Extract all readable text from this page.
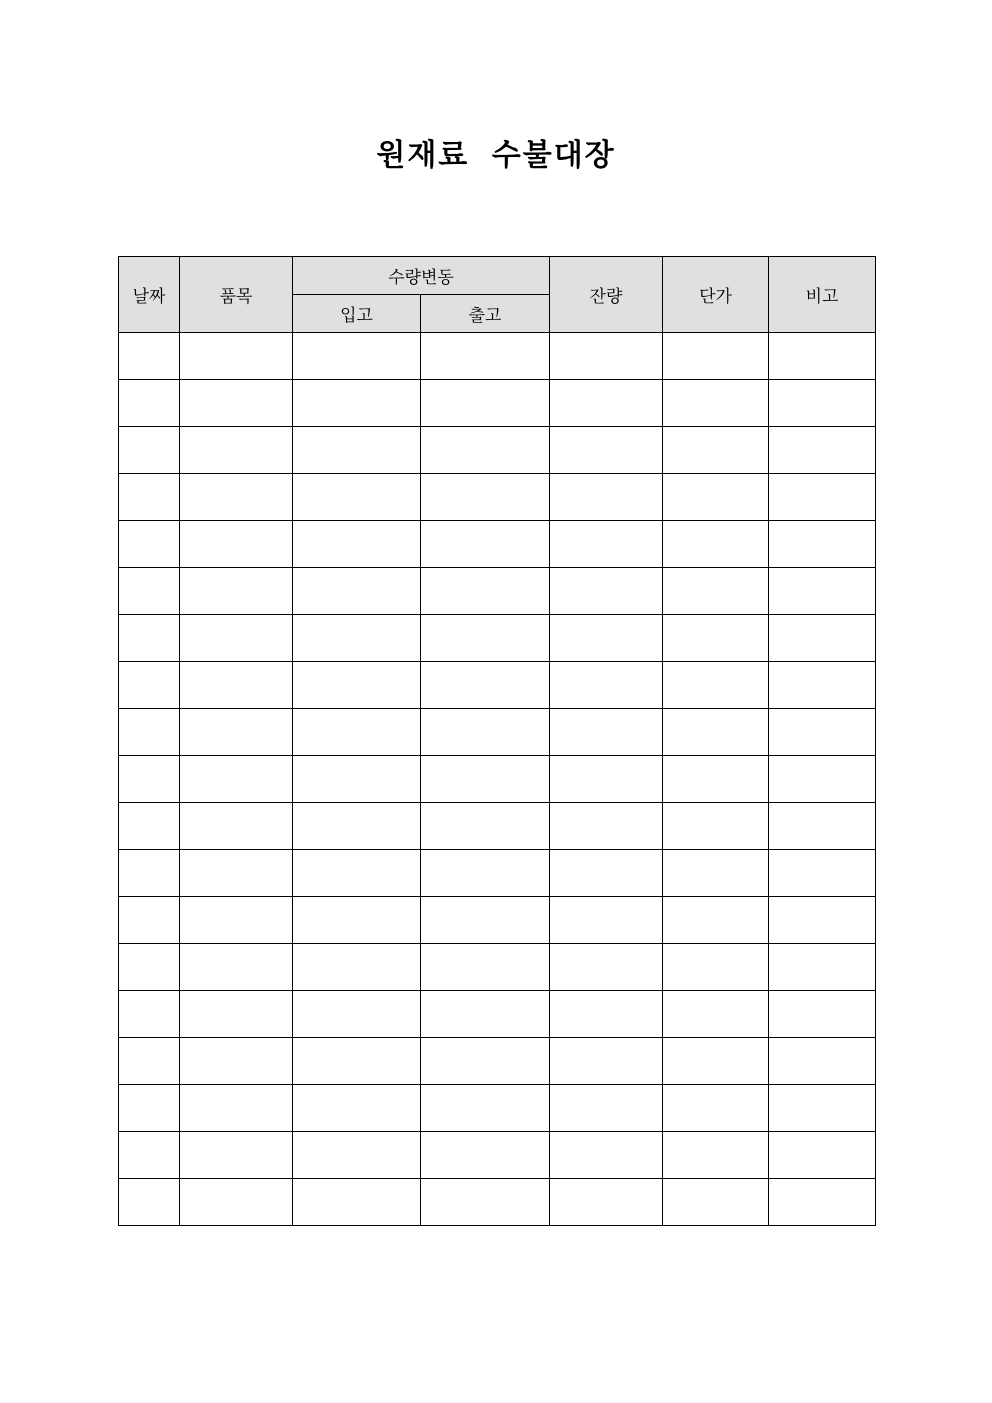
원재료 수불대장
날짜	품목	수량변동		잔량	단가	비고
		입고	출고			
